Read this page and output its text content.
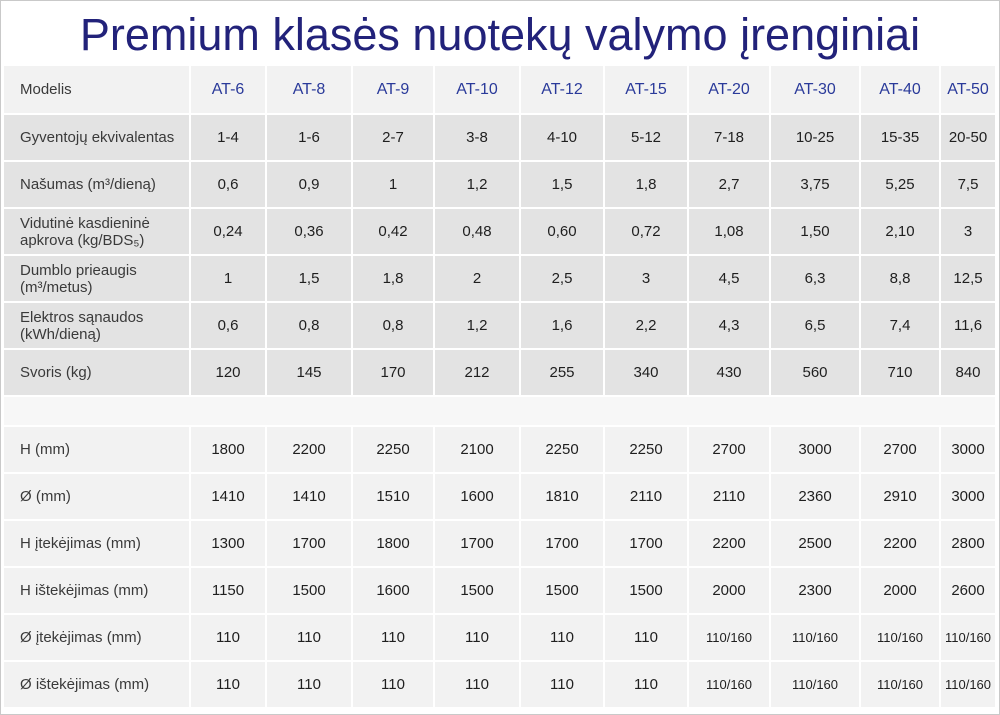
Premium klasės nuotekų valymo įrenginiai
Modelis	AT-6	AT-8	AT-9	AT-10	AT-12	AT-15	AT-20	AT-30	AT-40	AT-50
Gyventojų ekvivalentas	1-4	1-6	2-7	3-8	4-10	5-12	7-18	10-25	15-35	20-50
Našumas (m³/dieną)	0,6	0,9	1	1,2	1,5	1,8	2,7	3,75	5,25	7,5
Vidutinė kasdieninė
apkrova (kg/BDS₅)	0,24	0,36	0,42	0,48	0,60	0,72	1,08	1,50	2,10	3
Dumblo prieaugis
(m³/metus)	1	1,5	1,8	2	2,5	3	4,5	6,3	8,8	12,5
Elektros sąnaudos
(kWh/dieną)	0,6	0,8	0,8	1,2	1,6	2,2	4,3	6,5	7,4	11,6
Svoris (kg)	120	145	170	212	255	340	430	560	710	840

H (mm)	1800	2200	2250	2100	2250	2250	2700	3000	2700	3000
Ø (mm)	1410	1410	1510	1600	1810	2110	2110	2360	2910	3000
H įtekėjimas (mm)	1300	1700	1800	1700	1700	1700	2200	2500	2200	2800
H ištekėjimas (mm)	1150	1500	1600	1500	1500	1500	2000	2300	2000	2600
Ø įtekėjimas (mm)	110	110	110	110	110	110	110/160	110/160	110/160	110/160
Ø ištekėjimas (mm)	110	110	110	110	110	110	110/160	110/160	110/160	110/160
